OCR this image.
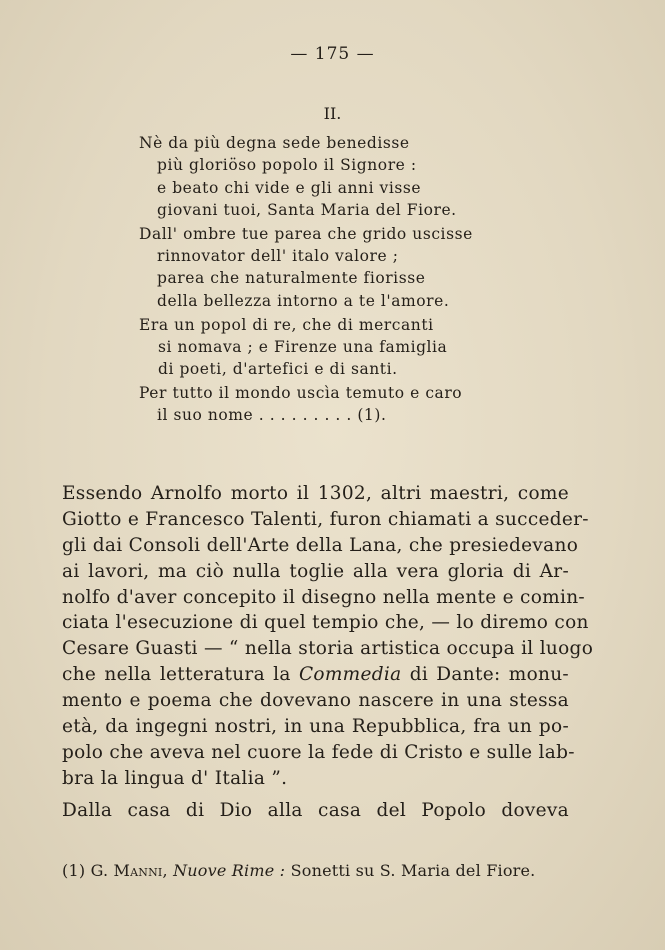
— 175 —
II.
Nè da più degna sede benedisse
più gloriöso popolo il Signore :
e beato chi vide e gli anni visse
giovani tuoi, Santa Maria del Fiore.
Dall' ombre tue parea che grido uscisse
rinnovator dell' italo valore ;
parea che naturalmente fiorisse
della bellezza intorno a te l'amore.
Era un popol di re, che di mercanti
si nomava ; e Firenze una famiglia
di poeti, d'artefici e di santi.
Per tutto il mondo uscìa temuto e caro
il suo nome . . . . . . . . . (1).
Essendo Arnolfo morto il 1302, altri maestri, come
Giotto e Francesco Talenti, furon chiamati a succeder-
gli dai Consoli dell'Arte della Lana, che presiedevano
ai lavori, ma ciò nulla toglie alla vera gloria di Ar-
nolfo d'aver concepito il disegno nella mente e comin-
ciata l'esecuzione di quel tempio che, — lo diremo con
Cesare Guasti — “ nella storia artistica occupa il luogo
che nella letteratura la Commedia di Dante: monu-
mento e poema che dovevano nascere in una stessa
età, da ingegni nostri, in una Repubblica, fra un po-
polo che aveva nel cuore la fede di Cristo e sulle lab-
bra la lingua d' Italia ”.
Dalla casa di Dio alla casa del Popolo doveva
(1) G. Manni, Nuove Rime : Sonetti su S. Maria del Fiore.
